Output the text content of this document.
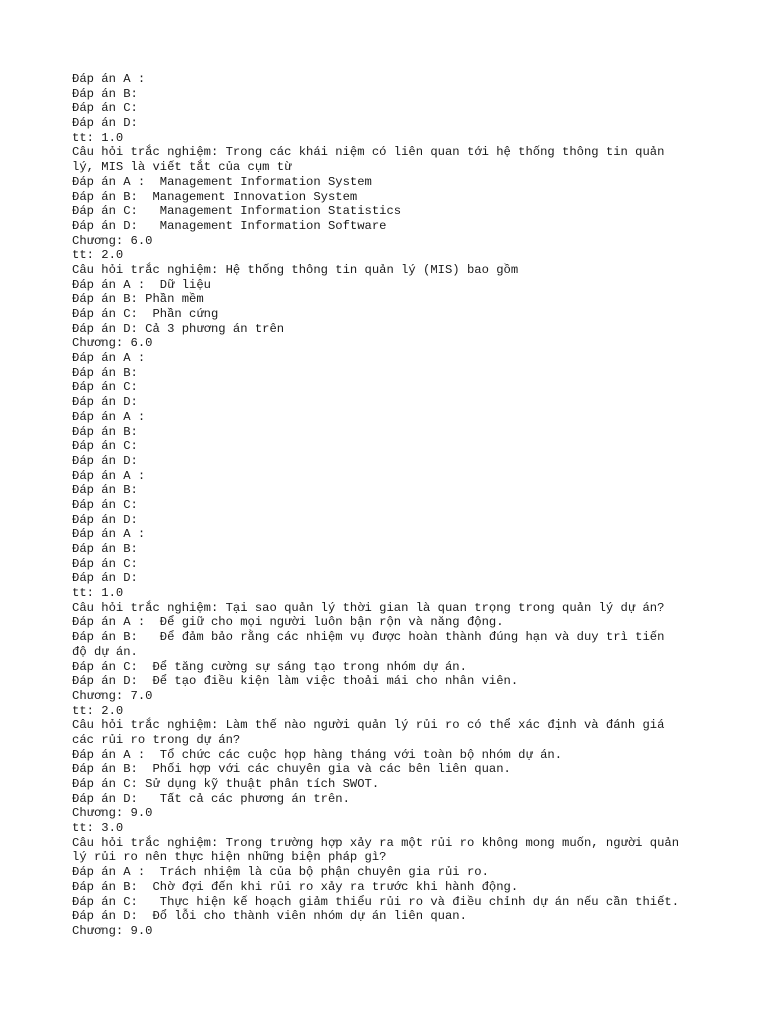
Đáp án A :
Đáp án B:
Đáp án C:
Đáp án D:
tt: 1.0
Câu hỏi trắc nghiệm: Trong các khái niệm có liên quan tới hệ thống thông tin quản
lý, MIS là viết tắt của cụm từ
Đáp án A :  Management Information System
Đáp án B:  Management Innovation System
Đáp án C:   Management Information Statistics
Đáp án D:   Management Information Software
Chương: 6.0
tt: 2.0
Câu hỏi trắc nghiệm: Hệ thống thông tin quản lý (MIS) bao gồm
Đáp án A :  Dữ liệu
Đáp án B: Phần mềm
Đáp án C:  Phần cứng
Đáp án D: Cả 3 phương án trên
Chương: 6.0
Đáp án A :
Đáp án B:
Đáp án C:
Đáp án D:
Đáp án A :
Đáp án B:
Đáp án C:
Đáp án D:
Đáp án A :
Đáp án B:
Đáp án C:
Đáp án D:
Đáp án A :
Đáp án B:
Đáp án C:
Đáp án D:
tt: 1.0
Câu hỏi trắc nghiệm: Tại sao quản lý thời gian là quan trọng trong quản lý dự án?
Đáp án A :  Để giữ cho mọi người luôn bận rộn và năng động.
Đáp án B:   Để đảm bảo rằng các nhiệm vụ được hoàn thành đúng hạn và duy trì tiến
độ dự án.
Đáp án C:  Để tăng cường sự sáng tạo trong nhóm dự án.
Đáp án D:  Để tạo điều kiện làm việc thoải mái cho nhân viên.
Chương: 7.0
tt: 2.0
Câu hỏi trắc nghiệm: Làm thế nào người quản lý rủi ro có thể xác định và đánh giá
các rủi ro trong dự án?
Đáp án A :  Tổ chức các cuộc họp hàng tháng với toàn bộ nhóm dự án.
Đáp án B:  Phối hợp với các chuyên gia và các bên liên quan.
Đáp án C: Sử dụng kỹ thuật phân tích SWOT.
Đáp án D:   Tất cả các phương án trên.
Chương: 9.0
tt: 3.0
Câu hỏi trắc nghiệm: Trong trường hợp xảy ra một rủi ro không mong muốn, người quản
lý rủi ro nên thực hiện những biện pháp gì?
Đáp án A :  Trách nhiệm là của bộ phận chuyên gia rủi ro.
Đáp án B:  Chờ đợi đến khi rủi ro xảy ra trước khi hành động.
Đáp án C:   Thực hiện kế hoạch giảm thiểu rủi ro và điều chỉnh dự án nếu cần thiết.
Đáp án D:  Đổ lỗi cho thành viên nhóm dự án liên quan.
Chương: 9.0
